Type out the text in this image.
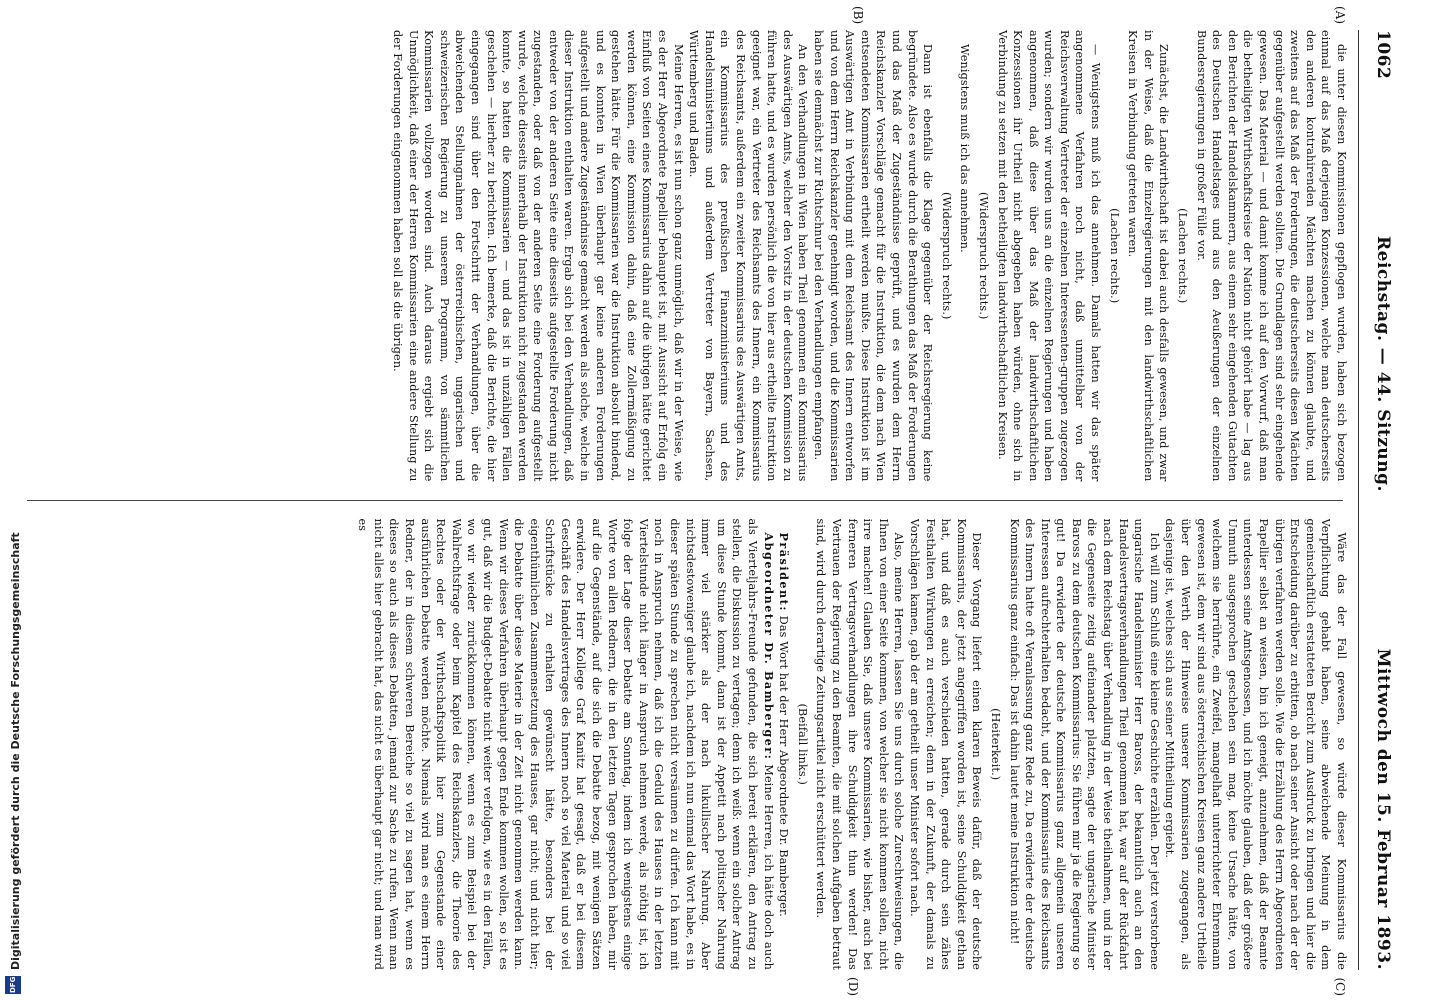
1062
Reichstag. — 44. Sitzung.
Mittwoch den 15. Februar 1893.
(A)
(B)
(C)
(D)

die unter diesen Kommissionen gepflogen wurden, haben sich bezogen einmal auf das Maß derjenigen Konzessionen, welche man deutscherseits den anderen kontrahirenden Mächten machen zu können glaubte, und zweitens auf das Maß der Forderungen, die deutscherseits diesen Mächten gegenüber aufgestellt werden sollten. Die Grundlagen sind sehr eingehende gewesen. Das Material — und damit komme ich auf den Vorwurf, daß man die betheiligten Wirthschaftskreise der Nation nicht gehört habe — lag aus den Berichten der Handelskammern, aus einem sehr eingehenden Gutachten des Deutschen Handelstages und aus den Aeußerungen der einzelnen Bundesregierungen in großer Fülle vor.

(Lachen rechts.)

Zunächst, die Landwirthschaft ist dabei auch desfalls gewesen, und zwar in der Weise, daß die Einzelregierungen mit den landwirthschaftlichen Kreisen in Verbindung getreten waren.

(Lachen rechts.)

— Wenigstens muß ich das annehmen. Damals hatten wir das später angenommene Verfahren noch nicht, daß unmittelbar von der Reichsverwaltung Vertreter der einzelnen Interessenten-gruppen zugezogen wurden; sondern wir wurden uns an die einzelnen Regierungen und haben angenommen, daß diese über das Maß der landwirthschaftlichen Konzessionen ihr Urtheil nicht abgegeben haben würden, ohne sich in Verbindung zu setzen mit den betheiligten landwirthschaftlichen Kreisen.

(Widerspruch rechts.)

Wenigstens muß ich das annehmen.

(Widerspruch rechts.)

Dann ist ebenfalls die Klage gegenüber der Reichsregierung keine begründete. Also es wurde durch die Berathungen das Maß der Forderungen und das Maß der Zugeständnisse geprüft, und es wurden dem Herrn Reichskanzler Vorschläge gemacht für die Instruktion, die dem nach Wien entsendeten Kommissarien ertheilt werden mußte. Diese Instruktion ist im Auswärtigen Amt in Verbindung mit dem Reichsamt des Innern entworfen und von dem Herrn Reichskanzler genehmigt worden, und die Kommissarien haben sie demnächst zur Richtschnur bei den Verhandlungen empfangen.

An den Verhandlungen in Wien haben Theil genommen ein Kommissarius des Auswärtigen Amts, welcher den Vorsitz in der deutschen Kommission zu führen hatte, und es wurden persönlich die von hier aus ertheilte Instruktion geeignet war, ein Vertreter des Reichsamts des Innern, ein Kommissarius des Reichsamts, außerdem ein zweiter Kommissarius des Auswärtigen Amts, ein Kommissarius des preußischen Finanzministeriums und des Handelsministeriums und außerdem Vertreter von Bayern, Sachsen, Württemberg und Baden.

Meine Herren, es ist nun schon ganz unmöglich, daß wir in der Weise, wie es der Herr Abgeordnete Papellier behauptet ist, mit Aussicht auf Erfolg ein Einfluß von Seiten eines Kommissarius dahin auf die übrigen hätte gerichtet werden können, eine Kommission dahin, daß eine Zollermäßigung zu gestehen hätte. Für die Kommissarien war die Instruktion absolut bindend, und es konnten in Wien überhaupt gar keine anderen Forderungen aufgestellt und andere Zugeständnisse gemacht werden als solche, welche in dieser Instruktion enthalten waren. Ergab sich bei den Verhandlungen, daß entweder von der anderen Seite eine diesseits aufgestellte Forderung nicht zugestanden, oder daß von der anderen Seite eine Forderung aufgestellt wurde, welche diesseits innerhalb der Instruktion nicht zugestanden werden konnte, so hatten die Kommissarien — und das ist in unzähligen Fällen geschehen — hierher zu berichten. Ich bemerke, daß die Berichte, die hier eingegangen sind über den Fortschritt der Verhandlungen, über die abweichenden Stellungnahmen der österreichischen, ungarischen und schweizerischen Regierung zu unserem Programm, von sämmtlichen Kommissarien vollzogen worden sind. Auch daraus ergiebt sich die Unmöglichkeit, daß einer der Herren Kommissarien eine andere Stellung zu der Forderungen eingenommen haben soll als die übrigen.

Wäre das der Fall gewesen, so würde dieser Kommissarius die Verpflichtung gehabt haben, seine abweichende Meinung in dem gemeinschaftlich erstatteten Bericht zum Ausdruck zu bringen und hier die Entscheidung darüber zu erbitten, ob nach seiner Ansicht oder nach der der übrigen verfahren werden solle. Wie die Erzählung des Herrn Abgeordneten Papellier selbst an weisen, bin ich geneigt, anzunehmen, daß der Beamte unterdessen seine Amtsgenossen, und ich möchte glauben, daß der größere Unmuth ausgesprochen geschehen sein mag, keine Ursache hätte, von welchem sie herrührte, ein Zweifel, mangelhaft unterrichteter Ehrenmann gewesen ist, dem wir sind aus österreichischen Kreisen ganz andere Urtheile über den Werth der Hinweise unserer Kommissarien zugegangen, als dasjenige ist, welches sich aus seiner Mittheilung ergiebt.

Ich will zum Schluß eine kleine Geschichte erzählen. Der jetzt verstorbene ungarische Handelsminister Herr Baross, der bekanntlich auch an den Handelsvertragsverhandlungen Theil genommen hat, war auf der Rückfahrt nach dem Reichstag über Verhandlung in der Weise theilnahmen, und in der die Gegenseite zeitig aufeinander platzten, sagte der ungarische Minister Baross zu dem deutschen Kommissarius: Sie führen mir ja die Regierung so gut! Da erwiderte der deutsche Kommissarius ganz allgemein unseren Interessen aufrechterhalten bedacht, und der Kommissarius des Reichsamts des Innern hatte oft Veranlassung ganz Rede zu, Da erwiderte der deutsche Kommissarius ganz einfach: Das ist dahin lautet meine Instruktion nicht!

(Heiterkeit.)

Dieser Vorgang liefert einen klaren Beweis dafür, daß der deutsche Kommissarius, der jetzt angegriffen worden ist, seine Schuldigkeit gethan hat, und daß es auch verschieden hatten, gerade durch sein zähes Festhalten Wirkungen zu erreichen; denn in der Zukunft, der damals zu Vorschlägen kamen, gab der am getheilt unser Minister sofort nach.

Also, meine Herren, lassen Sie uns durch solche Zurechtweisungen, die Ihnen von einer Seite kommen, von welcher sie nicht kommen sollen, nicht irre machen! Glauben Sie, daß unsere Kommissarien, wie bisher, auch bei ferneren Vertragsverhandlungen ihre Schuldigkeit thun werden! Das Vertrauen der Regierung zu den Beamten, die mit solchen Aufgaben betraut sind, wird durch derartige Zeitungsartikel nicht erschüttert werden.

(Beifall links.)

Präsident: Das Wort hat der Herr Abgeordnete Dr. Bamberger.

Abgeordneter Dr. Bamberger: Meine Herren, ich hätte doch auch als Vierteljahrs-Freunde gefunden, die sich bereit erklären, den Antrag zu stellen, die Diskussion zu vertagen; denn ich weiß: wenn ein solcher Antrag um diese Stunde kommt, dann ist der Appetit nach politischer Nahrung immer viel stärker als der nach lukullischer Nahrung. Aber nichtsdestoweniger glaube ich, nachdem ich nun einmal das Wort habe, es in dieser späten Stunde zu sprechen nicht versäumen zu dürfen. Ich kann mit noch in Anspruch nehmen, daß ich die Geduld des Hauses in der letzten Viertelstunde nicht länger in Anspruch nehmen werde, als nöthig ist, ich folge der Lage dieser Debatte am Sonntag, indem ich wenigstens einige Worte von allen Rednern, die in den letzten Tagen gesprochen haben, mir auf die Gegenstände, auf die sich die Debatte bezog, mit wenigen Sätzen erwidere. Der Herr Kollege Graf Kanitz hat gesagt, daß er bei diesem Geschäft des Handelsvertrages des Innern noch so viel Material und so viel Schriftstücke zu erhalten gewünscht hätte, besonders bei der eigenthümlichen Zusammensetzung des Hauses, gar nicht; und nicht hier; die Debatte über diese Materie in der Zeit nicht genommen werden kann. Wenn wir dieses Verfahren überhaupt gegen Ende kommen wollen, so ist es gut, daß wir die Budget-Debatte nicht weiter verfolgen, wie es in den Fällen, wo wir wieder zurückkommen können, wenn es zum Beispiel bei der Wahlrechtsfrage oder beim Kapitel des Reichskanzlers, die Theorie des Rechtes oder der Wirthschaftspolitik hier zum Gegenstande einer ausführlichen Debatte werden möchte. Niemals wird man es einem Herrn Redner, der in diesem schweren Bereiche so viel zu sagen hat, wenn es dieses so auch als dieses Debatten, jemand zur Sache zu rufen. Wenn man nicht alles hier gebracht hat, das nicht es überhaupt gar nicht; und man wird es

Digitalisierung gefördert durch die Deutsche Forschungsgemeinschaft
DFG
